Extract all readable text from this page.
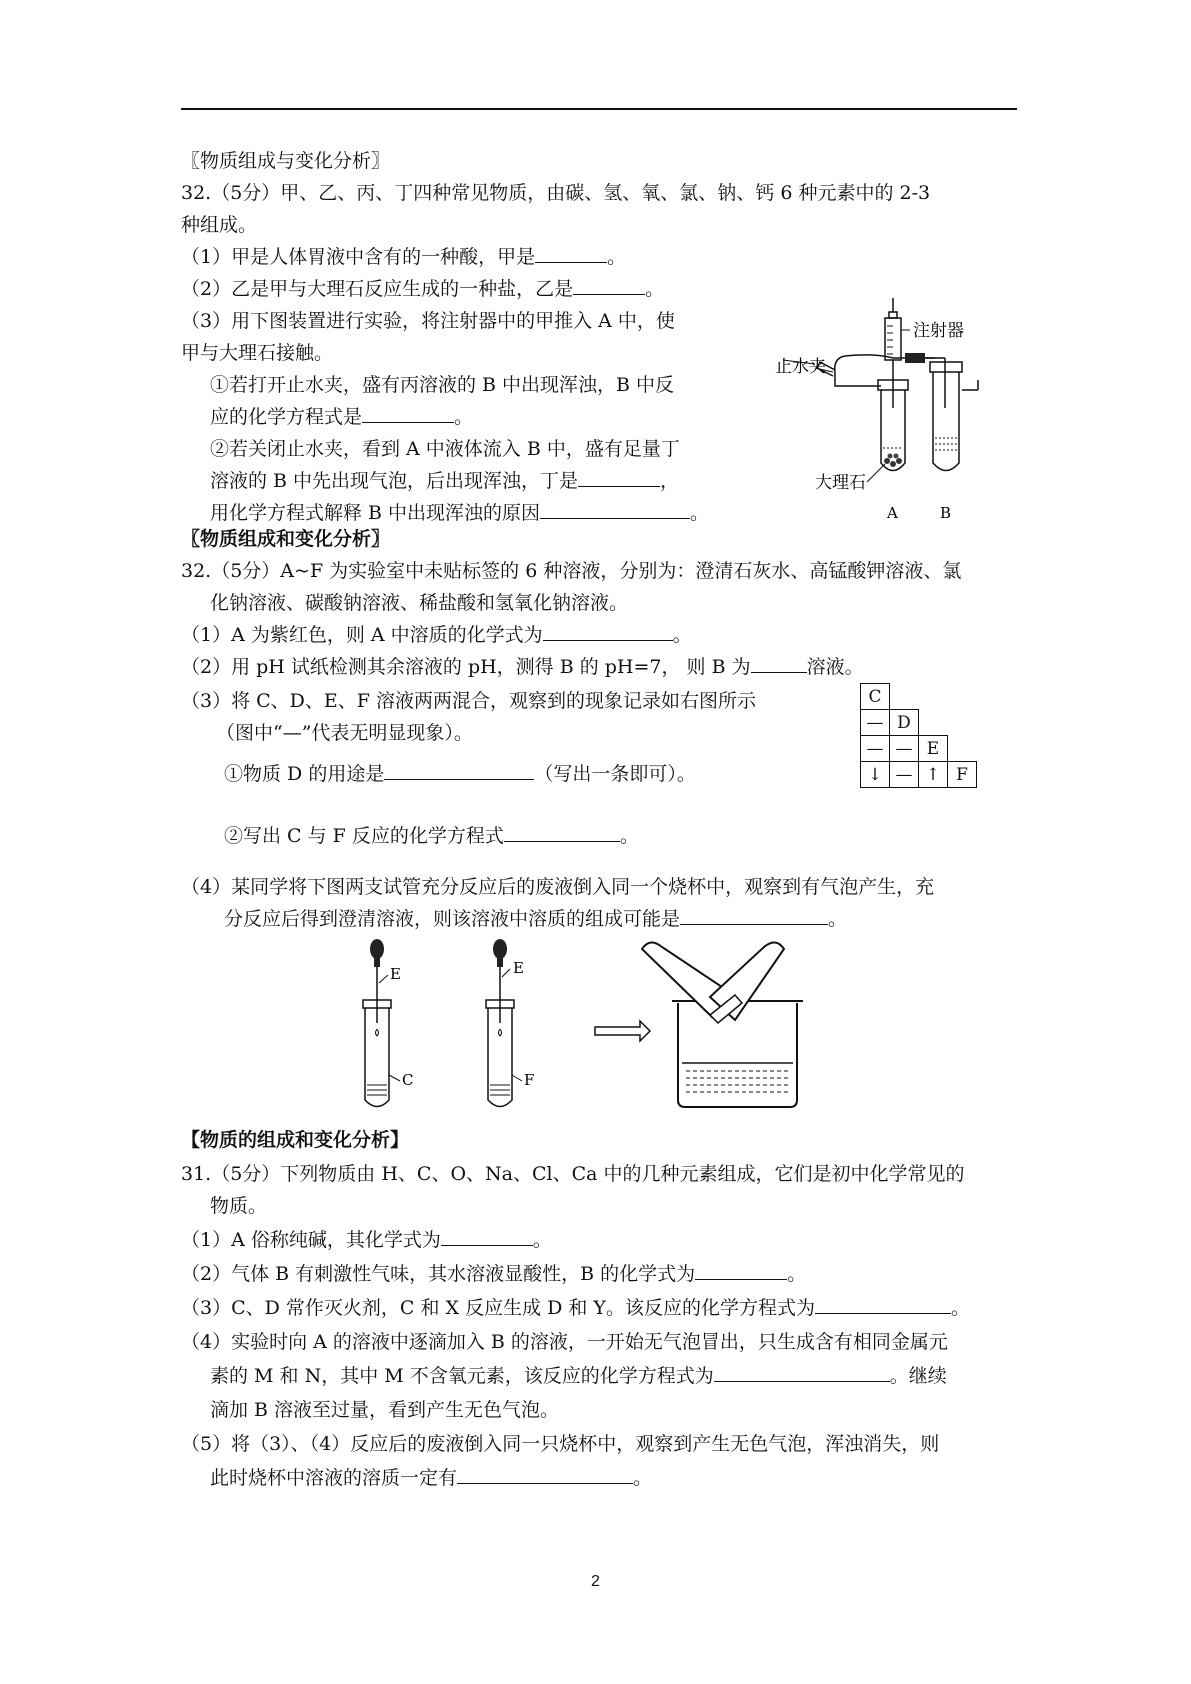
〖物质组成与变化分析〗
32.（5分）甲、乙、丙、丁四种常见物质，由碳、氢、氧、氯、钠、钙 6 种元素中的 2-3
种组成。
（1）甲是人体胃液中含有的一种酸，甲是	。
（2）乙是甲与大理石反应生成的一种盐，乙是	。
（3）用下图装置进行实验，将注射器中的甲推入 A 中，使
甲与大理石接触。
①若打开止水夹，盛有丙溶液的 B 中出现浑浊，B 中反
应的化学方程式是	。
②若关闭止水夹，看到 A 中液体流入 B 中，盛有足量丁
溶液的 B 中先出现气泡，后出现浑浊，丁是	，
用化学方程式解释 B 中出现浑浊的原因	。
注射器
止水夹
大理石
A	B
〖物质组成和变化分析〗
32.（5分）A~F 为实验室中未贴标签的 6 种溶液，分别为：澄清石灰水、高锰酸钾溶液、氯
化钠溶液、碳酸钠溶液、稀盐酸和氢氧化钠溶液。
（1）A 为紫红色，则 A 中溶质的化学式为	。
（2）用 pH 试纸检测其余溶液的 pH，测得 B 的 pH=7， 则 B 为	溶液。
（3）将 C、D、E、F 溶液两两混合，观察到的现象记录如右图所示
（图中“—”代表无明显现象）。
①物质 D 的用途是	（写出一条即可）。
②写出 C 与 F 反应的化学方程式	。
（4）某同学将下图两支试管充分反应后的废液倒入同一个烧杯中，观察到有气泡产生，充
分反应后得到澄清溶液，则该溶液中溶质的组成可能是	。
C			
—	D		
—	—	E	
↓	—	↑	F
E
C
E
F
【物质的组成和变化分析】
31.（5分）下列物质由 H、C、O、Na、Cl、Ca 中的几种元素组成，它们是初中化学常见的
物质。
（1）A 俗称纯碱，其化学式为	。
（2）气体 B 有刺激性气味，其水溶液显酸性，B 的化学式为	。
（3）C、D 常作灭火剂，C 和 X 反应生成 D 和 Y。该反应的化学方程式为	。
（4）实验时向 A 的溶液中逐滴加入 B 的溶液，一开始无气泡冒出，只生成含有相同金属元
素的 M 和 N，其中 M 不含氧元素，该反应的化学方程式为	。继续
滴加 B 溶液至过量，看到产生无色气泡。
（5）将（3）、（4）反应后的废液倒入同一只烧杯中，观察到产生无色气泡，浑浊消失，则
此时烧杯中溶液的溶质一定有	。
2
